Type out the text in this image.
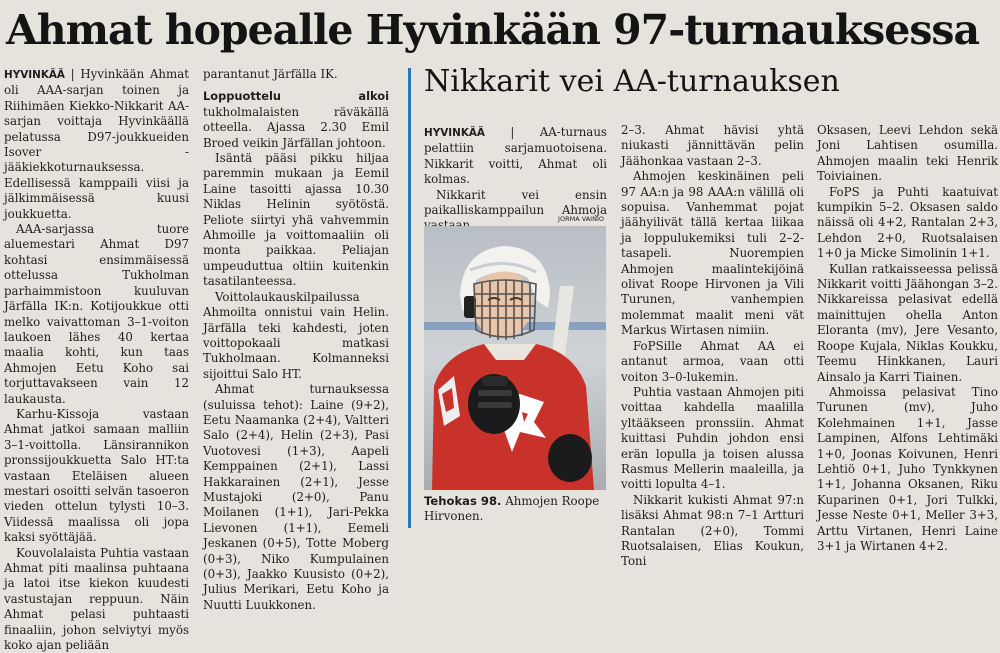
Ahmat hopealle Hyvinkään 97-turnauksessa

HYVINKÄÄ | Hyvinkään Ahmat oli AAA-sarjan toinen ja Riihimäen Kiekko-Nikkarit AA-sarjan voittaja Hyvinkäällä pelatussa D97-joukkueiden Isover -jääkiekkoturnauksessa. Edellisessä kamppaili viisi ja jälkimmäisessä kuusi joukkuetta.

AAA-sarjassa tuore aluemestari Ahmat D97 kohtasi ensimmäisessä ottelussa Tukholman parhaimmistoon kuuluvan Järfälla IK:n. Kotijoukkue otti melko vaivattoman 3–1-voiton laukoen lähes 40 kertaa maalia kohti, kun taas Ahmojen Eetu Koho sai torjuttavakseen vain 12 laukausta.

Karhu-Kissoja vastaan Ahmat jatkoi samaan malliin 3–1-voittolla. Länsirannikon pronssijoukkuetta Salo HT:ta vastaan Eteläisen alueen mestari osoitti selvän tasoeron vieden ottelun tylysti 10–3. Viidessä maalissa oli jopa kaksi syöttäjää.

Kouvolalaista Puhtia vastaan Ahmat piti maalinsa puhtaana ja latoi itse kiekon kuudesti vastustajan reppuun. Näin Ahmat pelasi puhtaasti finaaliin, johon selviytyi myös koko ajan peliään

parantanut Järfälla IK.

Loppuottelu alkoi tukholmalaisten räväkällä otteella. Ajassa 2.30 Emil Broed veikin Järfällan johtoon.

Isäntä pääsi pikku hiljaa paremmin mukaan ja Eemil Laine tasoitti ajassa 10.30 Niklas Helinin syötöstä. Peliote siirtyi yhä vahvemmin Ahmoille ja voittomaaliin oli monta paikkaa. Peliajan umpeuduttua oltiin kuitenkin tasatilanteessa.

Voittolaukauskilpailussa Ahmoilta onnistui vain Helin. Järfälla teki kahdesti, joten voittopokaali matkasi Tukholmaan. Kolmanneksi sijoittui Salo HT.

Ahmat turnauksessa (suluissa tehot): Laine (9+2), Eetu Naamanka (2+4), Valtteri Salo (2+4), Helin (2+3), Pasi Vuotovesi (1+3), Aapeli Kemppainen (2+1), Lassi Hakkarainen (2+1), Jesse Mustajoki (2+0), Panu Moilanen (1+1), Jari-Pekka Lievonen (1+1), Eemeli Jeskanen (0+5), Totte Moberg (0+3), Niko Kumpulainen (0+3), Jaakko Kuusisto (0+2), Julius Merikari, Eetu Koho ja Nuutti Luukkonen.

Nikkarit vei AA-turnauksen

HYVINKÄÄ | AA-turnaus pelattiin sarjamuotoisena. Nikkarit voitti, Ahmat oli kolmas.

Nikkarit vei ensin paikalliskamppailun Ahmoja

JORMA VAINIO
Tehokas 98. Ahmojen Roope Hirvonen.

2–3. Ahmat hävisi yhtä niukasti jännittävän pelin Jäähonkaa vastaan 2–3.

Ahmojen keskinäinen peli 97 AA:n ja 98 AAA:n välillä oli sopuisa. Vanhemmat pojat jäähyilivät tällä kertaa liikaa ja loppulukemiksi tuli 2–2-tasapeli. Nuorempien Ahmojen maalintekijöinä olivat Roope Hirvonen ja Vili Turunen, vanhempien molemmat maalit meni vät Markus Wirtasen nimiin.

FoPSille Ahmat AA ei antanut armoa, vaan otti voiton 3–0-lukemin.

Puhtia vastaan Ahmojen piti voittaa kahdella maalilla yltääkseen pronssiin. Ahmat kuittasi Puhdin johdon ensi erän lopulla ja toisen alussa Rasmus Mellerin maaleilla, ja voitti lopulta 4–1.

Nikkarit kukisti Ahmat 97:n lisäksi Ahmat 98:n 7–1 Artturi Rantalan (2+0), Tommi Ruotsalaisen, Elias Koukun, Toni

Oksasen, Leevi Lehdon sekä Joni Lahtisen osumilla. Ahmojen maalin teki Henrik Toiviainen.

FoPS ja Puhti kaatuivat kumpikin 5–2. Oksasen saldo näissä oli 4+2, Rantalan 2+3, Lehdon 2+0, Ruotsalaisen 1+0 ja Micke Simolinin 1+1.

Kullan ratkaisseessa pelissä Nikkarit voitti Jäähongan 3–2. Nikkareissa pelasivat edellä mainittujen ohella Anton Eloranta (mv), Jere Vesanto, Roope Kujala, Niklas Koukku, Teemu Hinkkanen, Lauri Ainsalo ja Karri Tiainen.

Ahmoissa pelasivat Tino Turunen (mv), Juho Kolehmainen 1+1, Jasse Lampinen, Alfons Lehtimäki 1+0, Joonas Koivunen, Henri Lehtiö 0+1, Juho Tynkkynen 1+1, Johanna Oksanen, Riku Kuparinen 0+1, Jori Tulkki, Jesse Neste 0+1, Meller 3+3, Arttu Virtanen, Henri Laine 3+1 ja Wirtanen 4+2.
